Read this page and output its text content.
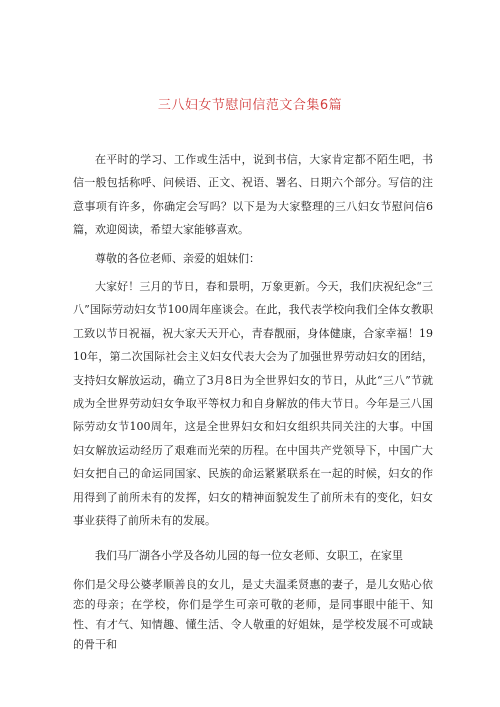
三八妇女节慰问信范文合集6篇

在平时的学习、工作或生活中，说到书信，大家肯定都不陌生吧，书信一般包括称呼、问候语、正文、祝语、署名、日期六个部分。写信的注意事项有许多，你确定会写吗？以下是为大家整理的三八妇女节慰问信6篇，欢迎阅读，希望大家能够喜欢。

尊敬的各位老师、亲爱的姐妹们：

大家好！三月的节日，春和景明，万象更新。今天，我们庆祝纪念“三八”国际劳动妇女节100周年座谈会。在此，我代表学校向我们全体女教职工致以节日祝福，祝大家天天开心，青春靓丽，身体健康，合家幸福！1910年，第二次国际社会主义妇女代表大会为了加强世界劳动妇女的团结，支持妇女解放运动，确立了3月8日为全世界妇女的节日，从此“三八”节就成为全世界劳动妇女争取平等权力和自身解放的伟大节日。今年是三八国际劳动女节100周年，这是全世界妇女和妇女组织共同关注的大事。中国妇女解放运动经历了艰难而光荣的历程。在中国共产党领导下，中国广大妇女把自己的命运同国家、民族的命运紧紧联系在一起的时候，妇女的作用得到了前所未有的发挥，妇女的精神面貌发生了前所未有的变化，妇女事业获得了前所未有的发展。

我们马厂湖各小学及各幼儿园的每一位女老师、女职工，在家里

你们是父母公婆孝顺善良的女儿，是丈夫温柔贤惠的妻子，是儿女贴心依恋的母亲；在学校，你们是学生可亲可敬的老师，是同事眼中能干、知性、有才气、知情趣、懂生活、令人敬重的好姐妹，是学校发展不可或缺的骨干和
